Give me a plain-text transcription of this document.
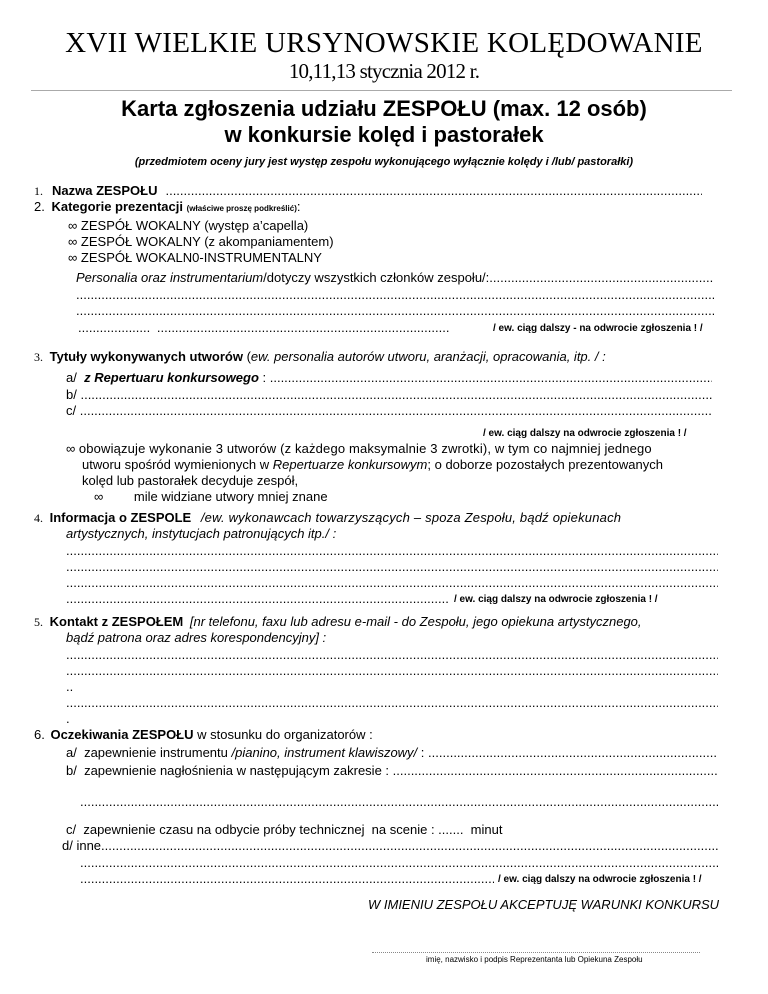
XVII WIELKIE URSYNOWSKIE KOLĘDOWANIE
10,11,13 stycznia 2012 r.
Karta zgłoszenia udziału ZESPOŁU (max. 12 osób)
w konkursie kolęd i pastorałek
(przedmiotem oceny jury jest występ zespołu wykonującego wyłącznie kolędy i /lub/ pastorałki)
1. Nazwa ZESPOŁU
.....
2. Kategorie prezentacji (właściwe proszę podkreślić):
∞ ZESPÓŁ WOKALNY (występ a’capella)
∞ ZESPÓŁ WOKALNY (z akompaniamentem)
∞ ZESPÓŁ WOKALN0-INSTRUMENTALNY
Personalia oraz instrumentarium /dotyczy wszystkich członków zespołu/:
.....
.....
.....
.................... .................................................................................	/ ew. ciąg dalszy - na odwrocie zgłoszenia ! /
3. Tytuły wykonywanych utworów (ew. personalia autorów utworu, aranżacji, opracowania, itp. / :
a/ z Repertuaru konkursowego :
.....
b/
.....
c/
.....
/ ew. ciąg dalszy na odwrocie zgłoszenia ! /
∞ obowiązuje wykonanie 3 utworów (z każdego maksymalnie 3 zwrotki), w tym co najmniej jednego
utworu spośród wymienionych w Repertuarze konkursowym; o doborze pozostałych prezentowanych
kolęd lub pastorałek decyduje zespół,
∞ mile widziane utwory mniej znane
4. Informacja o ZESPOLE /ew. wykonawcach towarzyszących – spoza Zespołu, bądź opiekunach
artystycznych, instytucjach patronujących itp./ :
.....
.....
.....
.....
/ ew. ciąg dalszy na odwrocie zgłoszenia ! /
5. Kontakt z ZESPOŁEM [nr telefonu, faxu lub adresu e-mail - do Zespołu, jego opiekuna artystycznego,
bądź patrona oraz adres korespondencyjny] :
.....
.....
..
.....
.
6. Oczekiwania ZESPOŁU w stosunku do organizatorów :
a/  zapewnienie instrumentu /pianino, instrument klawiszowy/ :
.....
b/  zapewnienie nagłośnienia w następującym zakresie :
.....
.....
c/  zapewnienie czasu na odbycie próby technicznej  na scenie : .......  minut
d/ inne
.....
.....
.....
/ ew. ciąg dalszy na odwrocie zgłoszenia ! /
W IMIENIU ZESPOŁU AKCEPTUJĘ WARUNKI KONKURSU
imię, nazwisko i podpis Reprezentanta lub Opiekuna Zespołu
